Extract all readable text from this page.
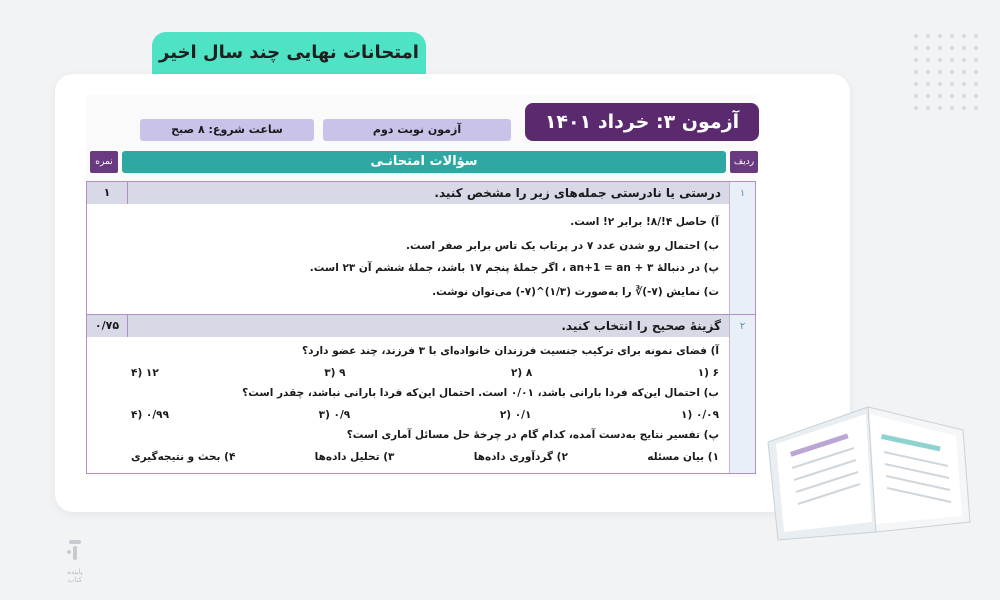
امتحانات نهایی چند سال اخیر
آزمون ۳: خرداد ۱۴۰۱
آزمون نوبت دوم
ساعت شروع: ۸ صبح
ردیف
سؤالات امتحانـی
نمره
۱
درستی یا نادرستی جمله‌های زیر را مشخص کنید.
۱
آ) حاصل ‎!۸/!۴‎ برابر ‎!۲‎ است.
ب) احتمال رو شدن عدد ۷ در پرتاب یک تاس برابر صفر است.
پ) در دنبالهٔ ‎a‎n+1 = a‎n + ۳ ، اگر جملهٔ پنجم ۱۷ باشد، جملهٔ ششم آن ۲۳ است.
ت) نمایش ‎∛(‎-۷‎)‎ را به‌صورت ‎(-۷)‎^(۱/۳) می‌توان نوشت.
۲
گزینهٔ صحیح را انتخاب کنید.
۰/۷۵
آ) فضای نمونه برای ترکیب جنسیت فرزندان خانواده‌ای با ۳ فرزند، چند عضو دارد؟
۶ (۱
۸ (۲
۹ (۳
۱۲ (۴
ب) احتمال این‌که فردا بارانی باشد، ۰/۰۱ است. احتمال این‌که فردا بارانی نباشد، چقدر است؟
۰/۰۹ (۱
۰/۱ (۲
۰/۹ (۳
۰/۹۹ (۴
پ) تفسیر نتایج به‌دست آمده، کدام گام در چرخهٔ حل مسائل آماری است؟
۱) بیان مسئله
۲) گردآوری داده‌ها
۳) تحلیل داده‌ها
۴) بحث و نتیجه‌گیری
پاینده کتاب
